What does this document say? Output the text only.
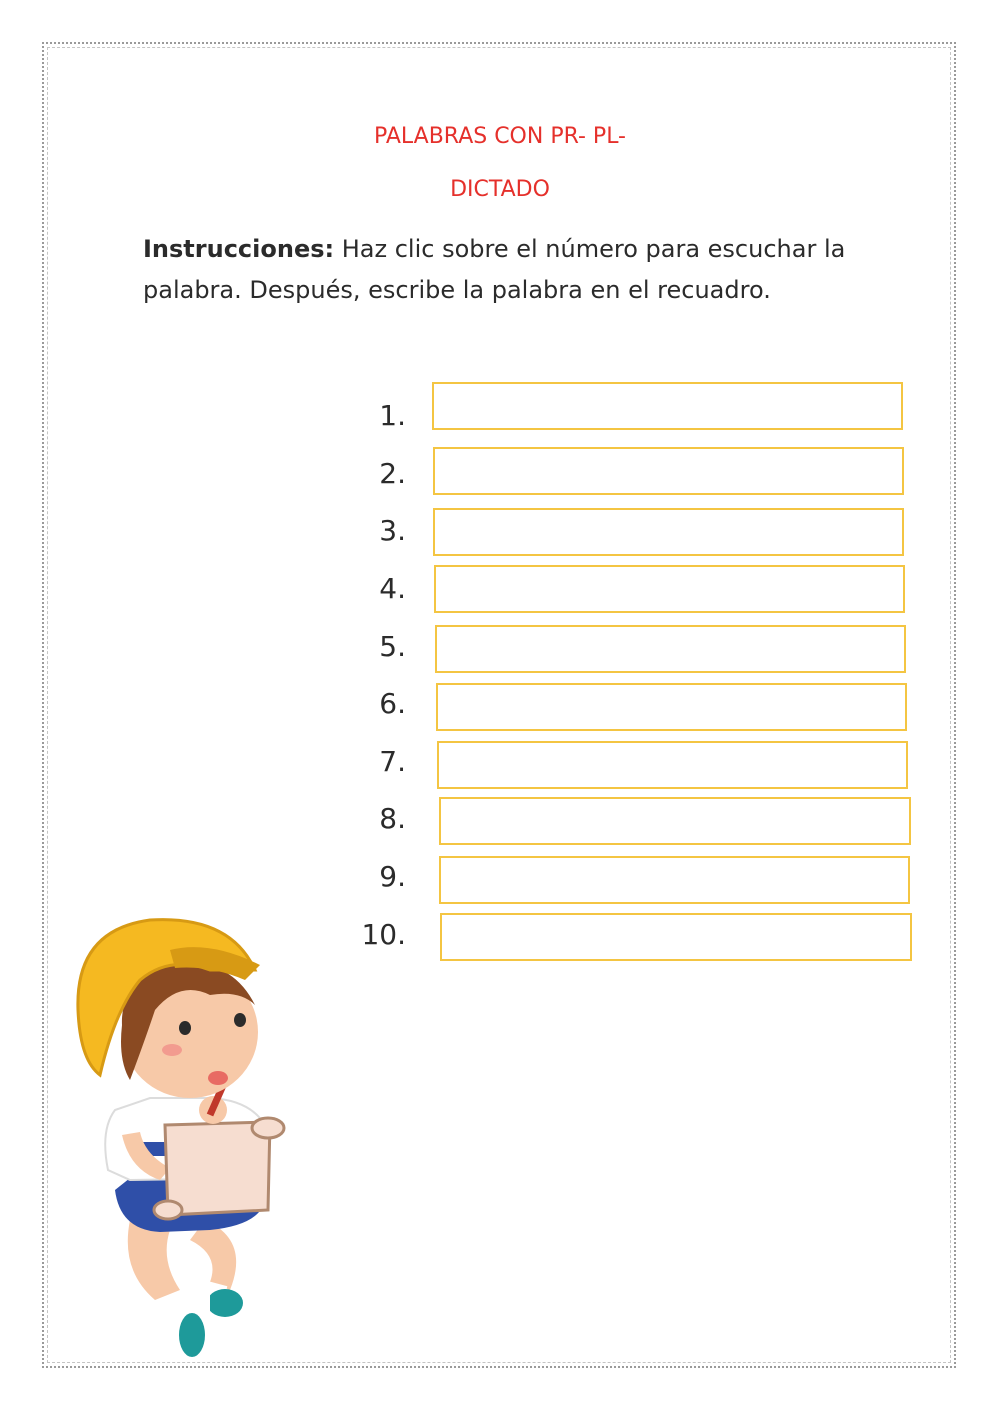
PALABRAS CON PR- PL-
DICTADO
Instrucciones: Haz clic sobre el número para escuchar la palabra. Después, escribe la palabra en el recuadro.
1.
2.
3.
4.
5.
6.
7.
8.
9.
10.
